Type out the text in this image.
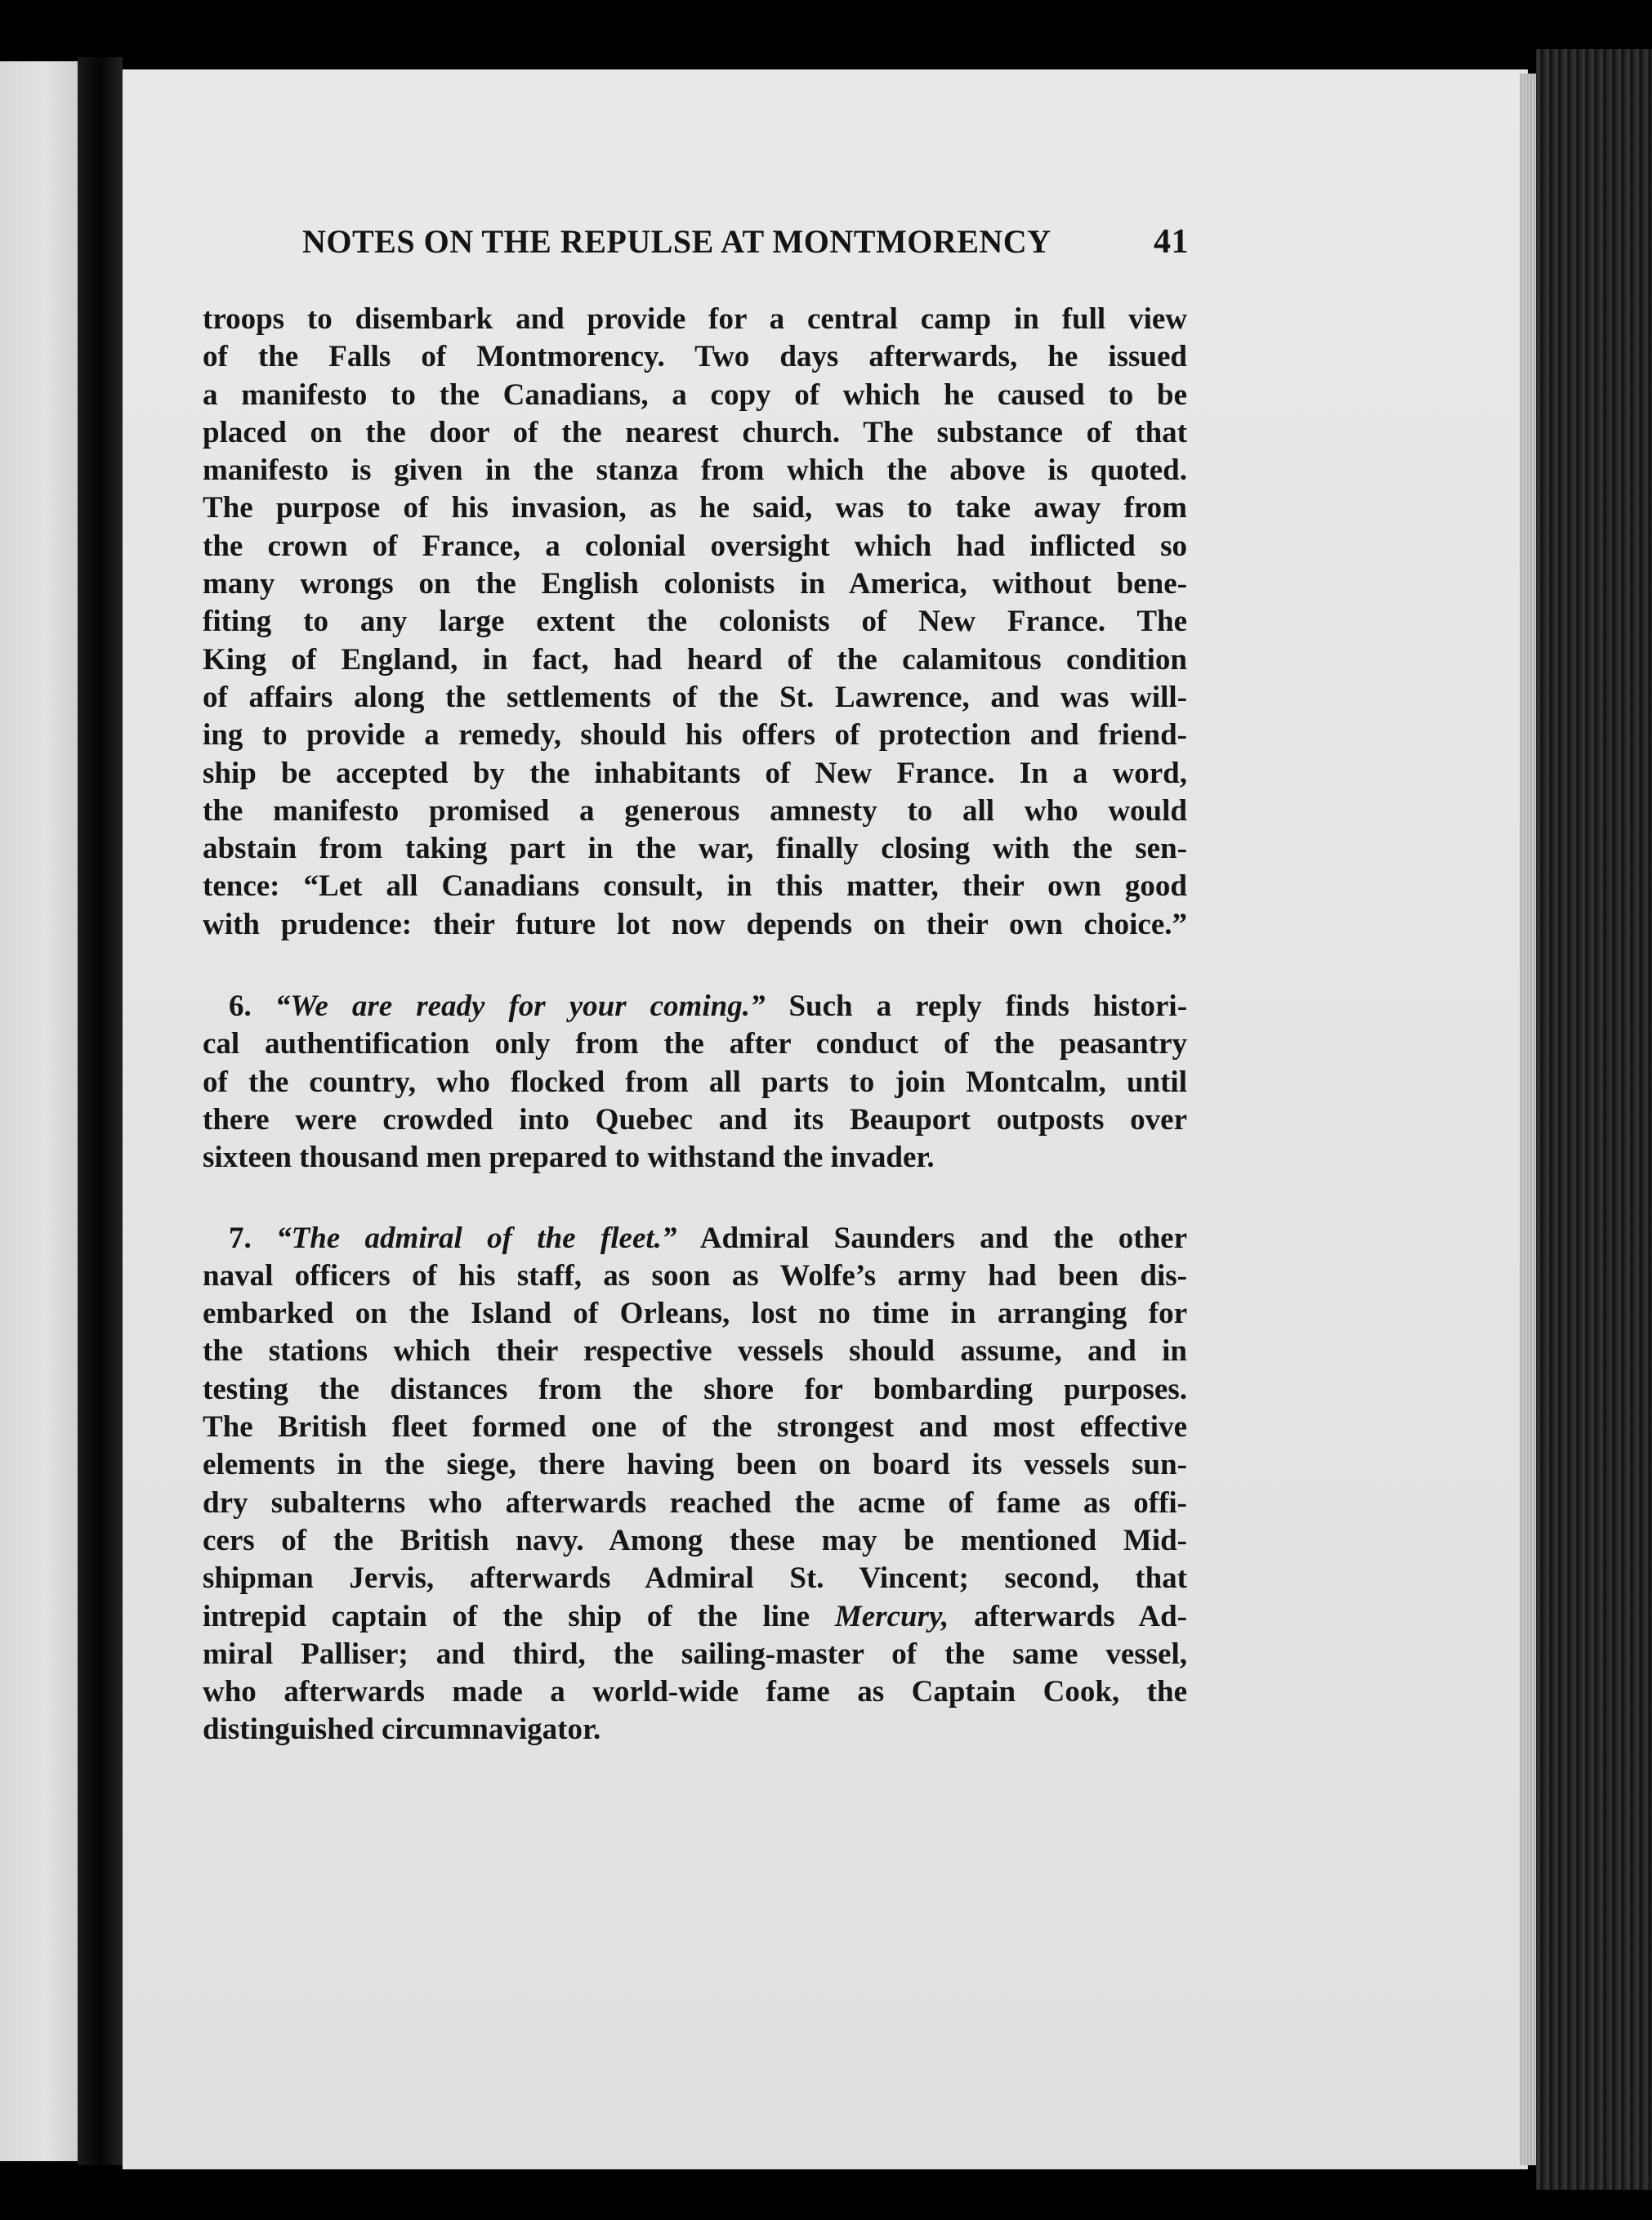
NOTES ON THE REPULSE AT MONTMORENCY	41
troops to disembark and provide for a central camp in full view
of the Falls of Montmorency. Two days afterwards, he issued
a manifesto to the Canadians, a copy of which he caused to be
placed on the door of the nearest church. The substance of that
manifesto is given in the stanza from which the above is quoted.
The purpose of his invasion, as he said, was to take away from
the crown of France, a colonial oversight which had inflicted so
many wrongs on the English colonists in America, without bene-
fiting to any large extent the colonists of New France. The
King of England, in fact, had heard of the calamitous condition
of affairs along the settlements of the St. Lawrence, and was will-
ing to provide a remedy, should his offers of protection and friend-
ship be accepted by the inhabitants of New France. In a word,
the manifesto promised a generous amnesty to all who would
abstain from taking part in the war, finally closing with the sen-
tence: “Let all Canadians consult, in this matter, their own good
with prudence: their future lot now depends on their own choice.”
6. “We are ready for your coming.” Such a reply finds histori-
cal authentification only from the after conduct of the peasantry
of the country, who flocked from all parts to join Montcalm, until
there were crowded into Quebec and its Beauport outposts over
sixteen thousand men prepared to withstand the invader.
7. “The admiral of the fleet.” Admiral Saunders and the other
naval officers of his staff, as soon as Wolfe’s army had been dis-
embarked on the Island of Orleans, lost no time in arranging for
the stations which their respective vessels should assume, and in
testing the distances from the shore for bombarding purposes.
The British fleet formed one of the strongest and most effective
elements in the siege, there having been on board its vessels sun-
dry subalterns who afterwards reached the acme of fame as offi-
cers of the British navy. Among these may be mentioned Mid-
shipman Jervis, afterwards Admiral St. Vincent; second, that
intrepid captain of the ship of the line Mercury, afterwards Ad-
miral Palliser; and third, the sailing-master of the same vessel,
who afterwards made a world-wide fame as Captain Cook, the
distinguished circumnavigator.
